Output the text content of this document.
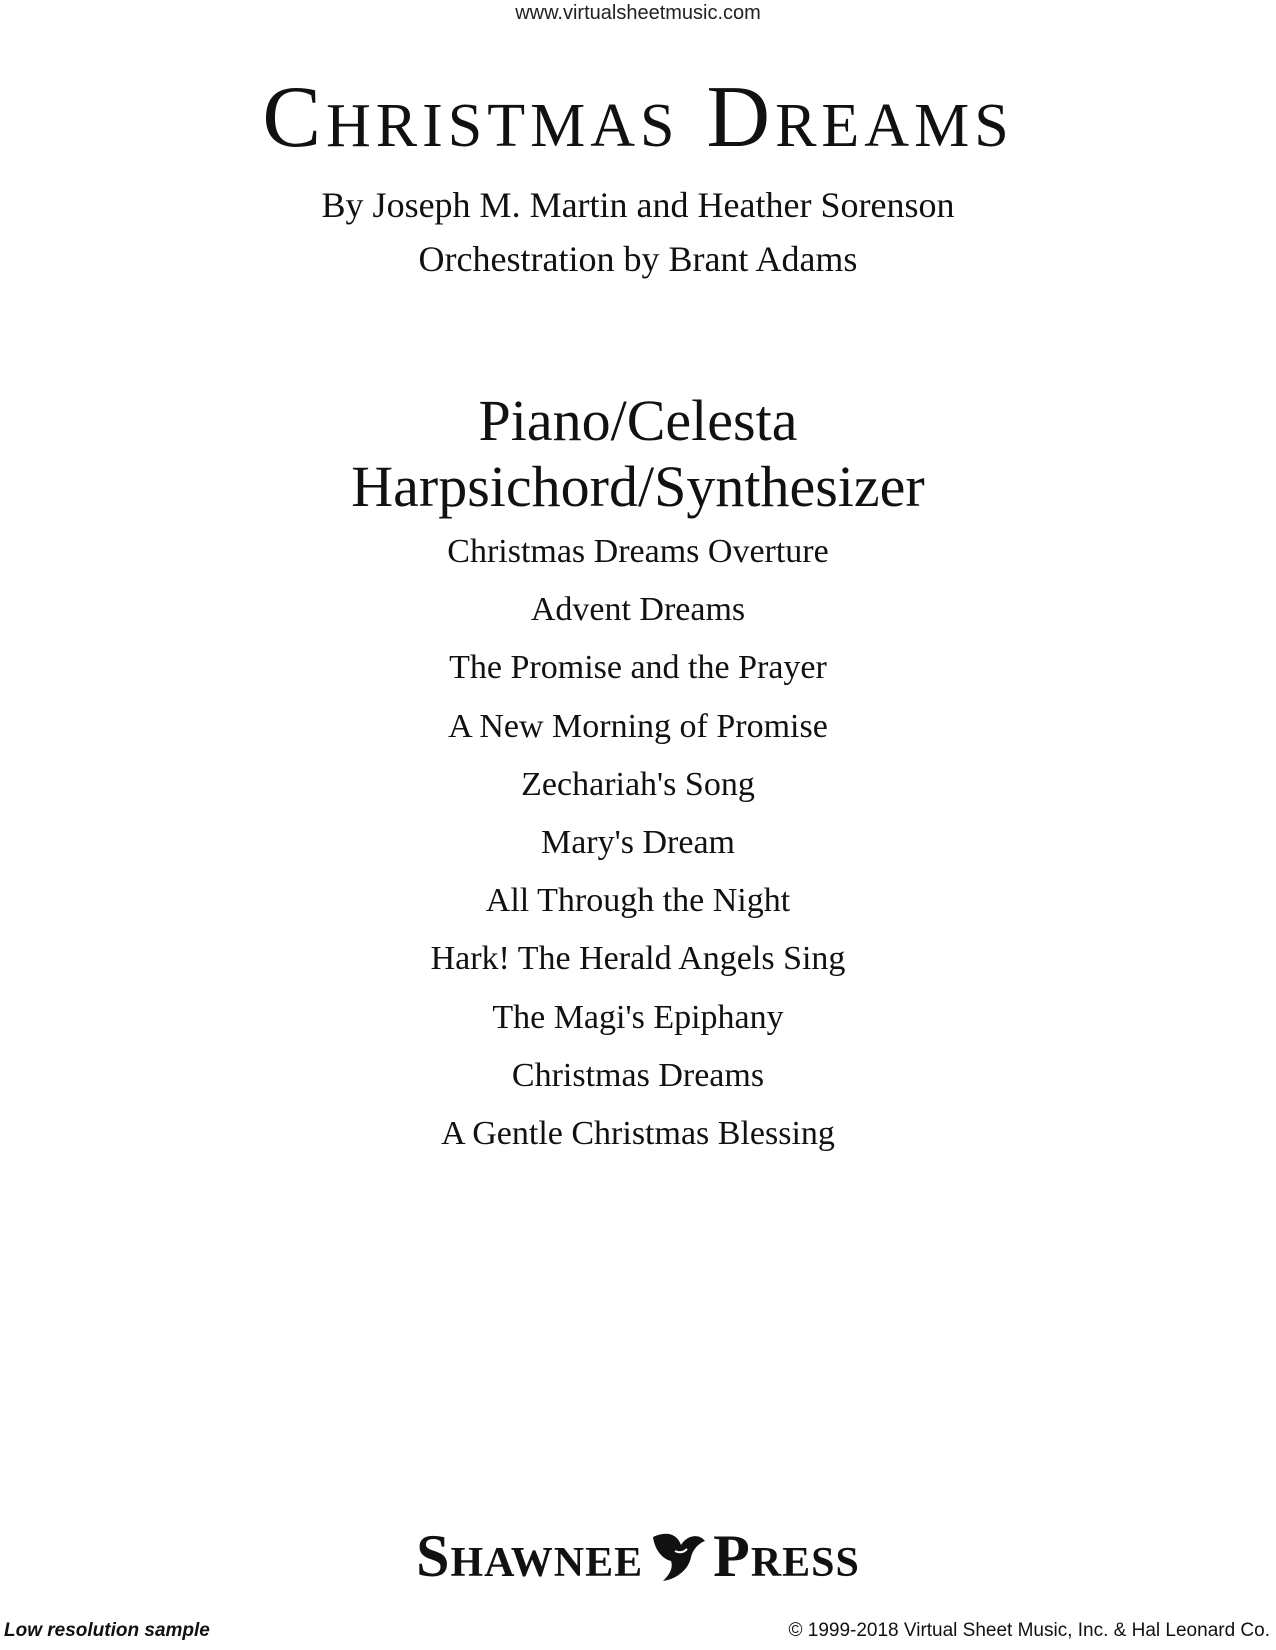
www.virtualsheetmusic.com
Christmas Dreams
By Joseph M. Martin and Heather Sorenson
Orchestration by Brant Adams
Piano/Celesta
Harpsichord/Synthesizer
Christmas Dreams Overture
Advent Dreams
The Promise and the Prayer
A New Morning of Promise
Zechariah's Song
Mary's Dream
All Through the Night
Hark! The Herald Angels Sing
The Magi's Epiphany
Christmas Dreams
A Gentle Christmas Blessing
Shawnee Press
Low resolution sample	© 1999-2018 Virtual Sheet Music, Inc. & Hal Leonard Co.
